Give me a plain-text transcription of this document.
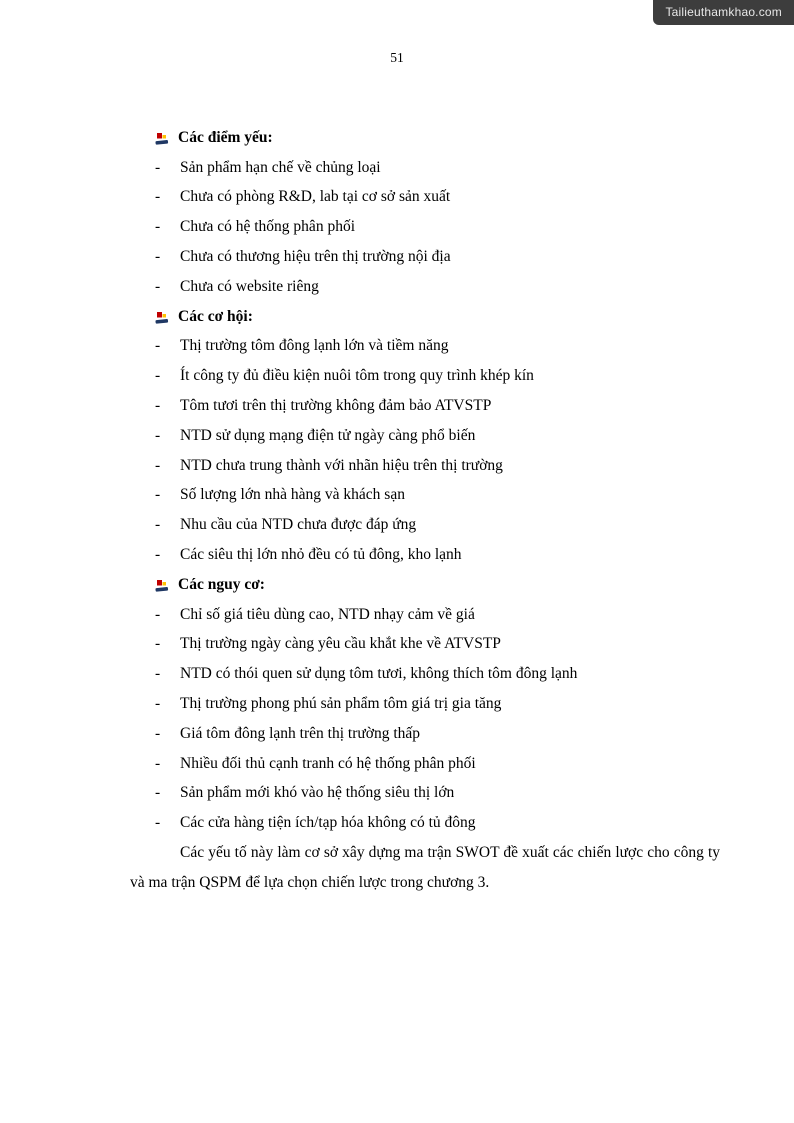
Tailieuthamkhao.com
51
Các điểm yếu:
-	Sản phẩm hạn chế về chủng loại
-	Chưa có phòng R&D, lab tại cơ sở sản xuất
-	Chưa có hệ thống phân phối
-	Chưa có thương hiệu trên thị trường nội địa
-	Chưa có website riêng
Các cơ hội:
-	Thị trường tôm đông lạnh lớn và tiềm năng
-	Ít công ty đủ điều kiện nuôi tôm trong quy trình khép kín
-	Tôm tươi trên thị trường không đảm bảo ATVSTP
-	NTD sử dụng mạng điện tử ngày càng phổ biến
-	NTD chưa trung thành với nhãn hiệu trên thị trường
-	Số lượng lớn nhà hàng và khách sạn
-	Nhu cầu của NTD chưa được đáp ứng
-	Các siêu thị lớn nhỏ đều có tủ đông, kho lạnh
Các nguy cơ:
-	Chỉ số giá tiêu dùng cao, NTD nhạy cảm về giá
-	Thị trường ngày càng yêu cầu khắt khe về ATVSTP
-	NTD có thói quen sử dụng tôm tươi, không thích tôm đông lạnh
-	Thị trường phong phú sản phẩm tôm giá trị gia tăng
-	Giá tôm đông lạnh trên thị trường thấp
-	Nhiều đối thủ cạnh tranh có hệ thống phân phối
-	Sản phẩm mới khó vào hệ thống siêu thị lớn
-	Các cửa hàng tiện ích/tạp hóa không có tủ đông

Các yếu tố này làm cơ sở xây dựng ma trận SWOT đề xuất các chiến lược cho công ty và ma trận QSPM để lựa chọn chiến lược trong chương 3.
